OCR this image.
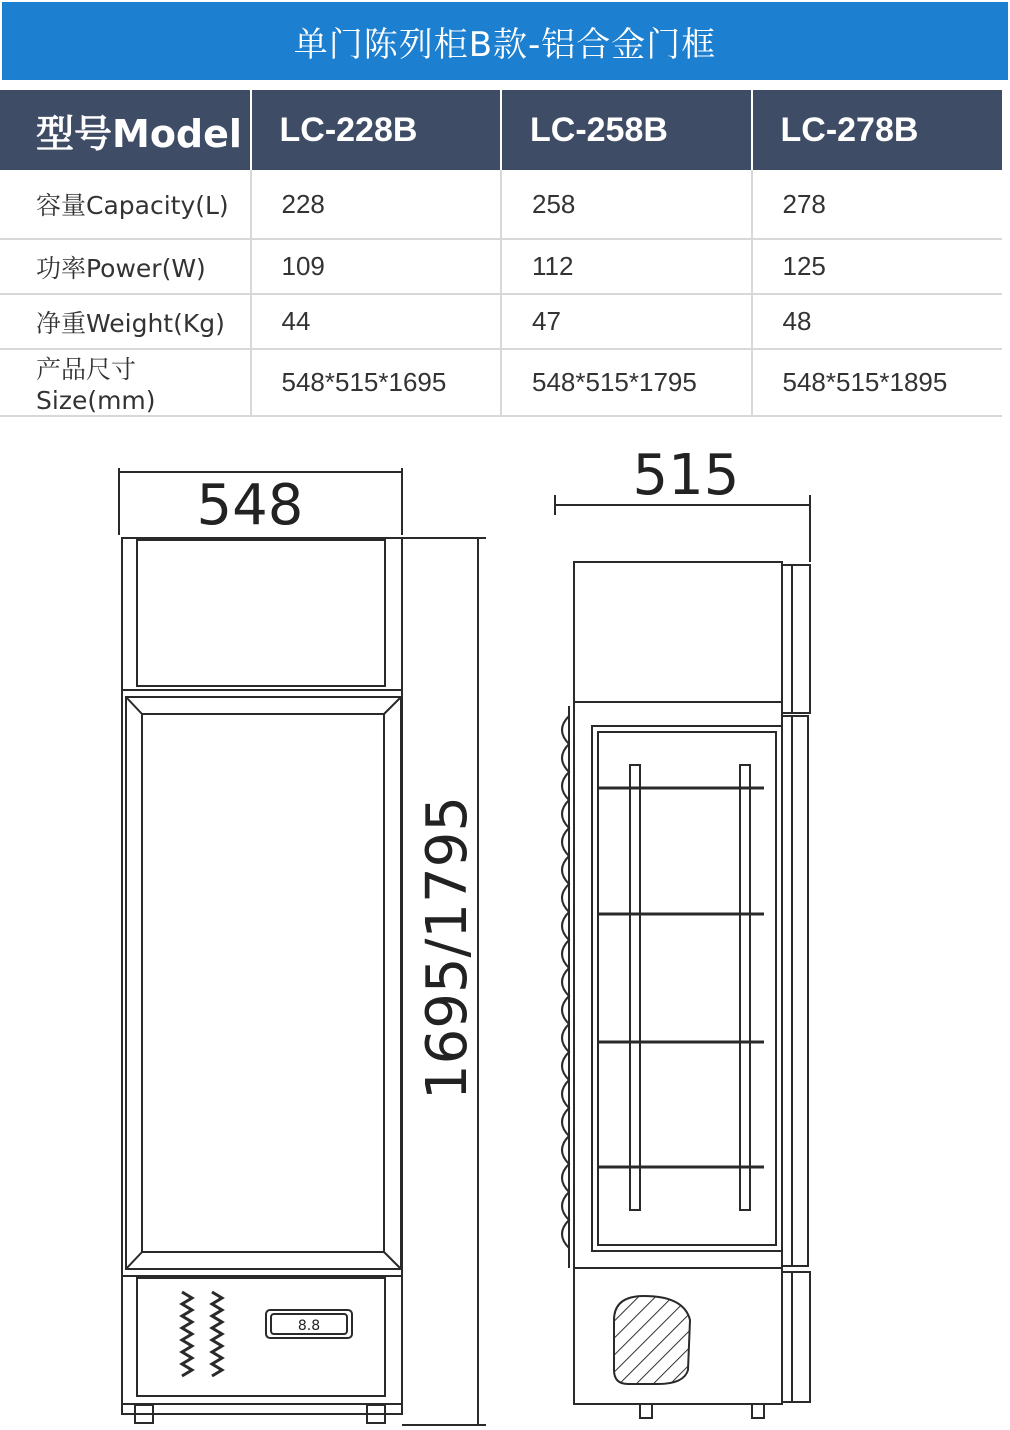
单门陈列柜B款-铝合金门框
型号Model	LC-228B	LC-258B	LC-278B
容量Capacity(L)	228	258	278
功率Power(W)	109	112	125
净重Weight(Kg)	44	47	48
产品尺寸 Size(mm)	548*515*1695	548*515*1795	548*515*1895
8.8
548
1695/1795
515
